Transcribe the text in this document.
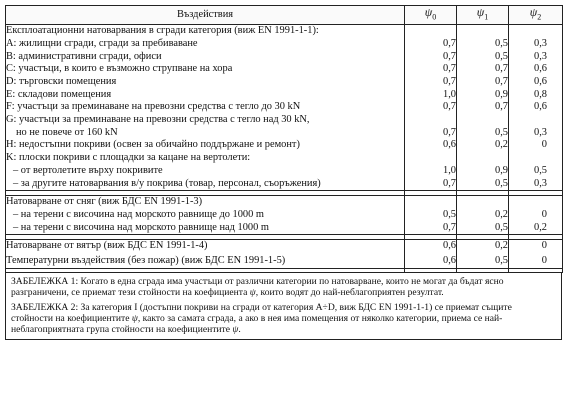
Въздействия	$\psi_0$	$\psi_1$	$\psi_2$
Експлоатационни натоварвания в сгради категория (виж EN 1991-1-1):			
A: жилищни сгради, сгради за пребиваване	0,7	0,5	0,3
B: административни сгради, офиси	0,7	0,5	0,3
C: участъци, в които е възможно струпване на хора	0,7	0,7	0,6
D: търговски помещения	0,7	0,7	0,6
E: складови помещения	1,0	0,9	0,8
F: участъци за преминаване на превозни средства с тегло до 30 kN	0,7	0,7	0,6

G: участъци за преминаване на превозни средства с тегло над 30 kN,
но не повече от 160 kN	0,7	0,5	0,3
H: недостъпни покриви (освен за обичайно поддържане и ремонт)	0,6	0,2	0
K: плоски покриви с площадки за кацане на вертолети:			
– от вертолетите върху покривите	1,0	0,9	0,5
– за другите натоварвания в/у покрива (товар, персонал, съоръжения)	0,7	0,5	0,3

Натоварване от сняг (виж БДС EN 1991-1-3)			
– на терени с височина над морското равнище до 1000 m	0,5	0,2	0
– на терени с височина над морското равнище над 1000 m	0,7	0,5	0,2

Натоварване от вятър (виж БДС EN 1991-1-4)	0,6	0,2	0
Температурни въздействия (без пожар) (виж БДС EN 1991-1-5)	0,6	0,5	0

ЗАБЕЛЕЖКА 1: Когато в една сграда има участъци от различни категории по натоварване, които не могат да бъдат ясно разграничени, се приемат тези стойности на коефициента ψ, които водят до най-неблагоприятен резултат.

ЗАБЕЛЕЖКА 2: За категория I (достъпни покриви на сгради от категория A÷D, виж БДС EN 1991-1-1) се приемат същите стойности на коефициентите ψ, както за самата сграда, а ако в нея има помещения от няколко категории, приема се най-неблагоприятната група стойности на коефициентите ψ.
